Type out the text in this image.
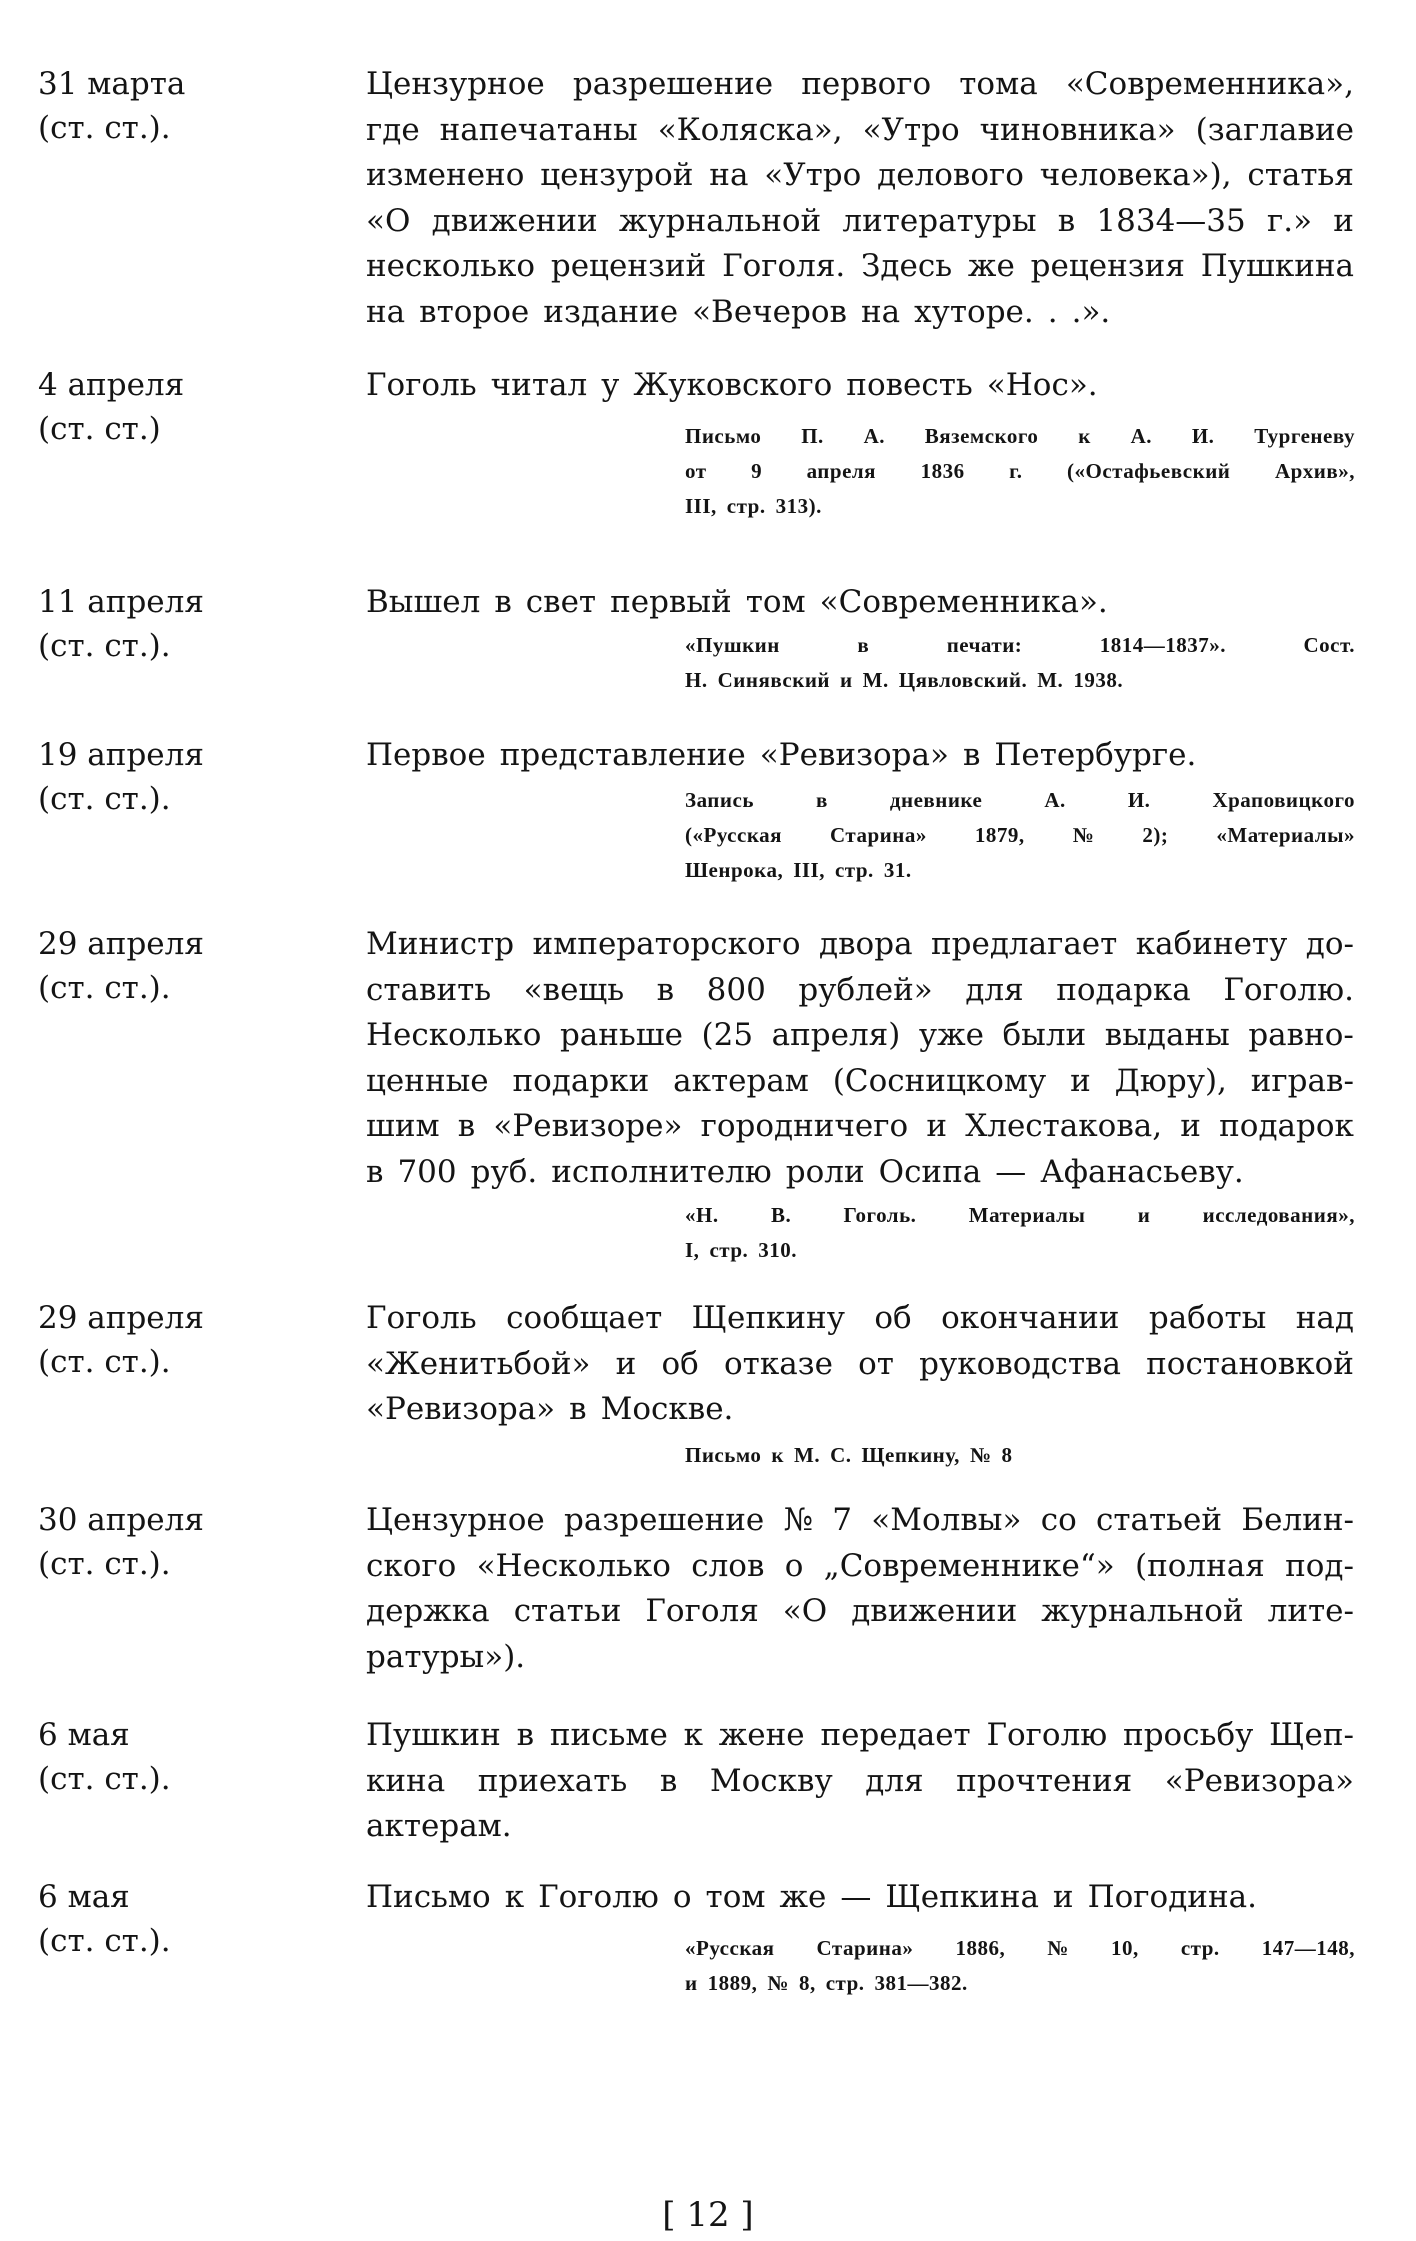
31 марта
(ст. ст.).
Цензурное разрешение первого тома «Современника»,
где напечатаны «Коляска», «Утро чиновника» (заглавие
изменено цензурой на «Утро делового человека»), статья
«О движении журнальной литературы в 1834—35 г.» и
несколько рецензий Гоголя. Здесь же рецензия Пушкина
на второе издание «Вечеров на хуторе. . .».
4 апреля
(ст. ст.)
Гоголь читал у Жуковского повесть «Нос».
Письмо П. А. Вяземского к А. И. Тургеневу
от 9 апреля 1836 г. («Остафьевский Архив»,
III, стр. 313).
11 апреля
(ст. ст.).
Вышел в свет первый том «Современника».
«Пушкин	в	печати:	1814—1837».	Сост.
Н. Синявский и М. Цявловский. М. 1938.
19 апреля
(ст. ст.).
Первое представление «Ревизора» в Петербурге.
Запись	в	дневнике	А.	И.	Храповицкого
(«Русская Старина» 1879, № 2); «Материалы»
Шенрока, III, стр. 31.
29 апреля
(ст. ст.).
Министр императорского двора предлагает кабинету до-
ставить «вещь в 800 рублей» для подарка Гоголю.
Несколько раньше (25 апреля) уже были выданы равно-
ценные подарки актерам (Сосницкому и Дюру), играв-
шим в «Ревизоре» городничего и Хлестакова, и подарок
в 700 руб. исполнителю роли Осипа — Афанасьеву.
«Н. В. Гоголь. Материалы и исследования»,
I, стр. 310.
29 апреля
(ст. ст.).
Гоголь сообщает Щепкину об окончании работы над
«Женитьбой» и об отказе от руководства постановкой
«Ревизора» в Москве.
Письмо к М. С. Щепкину, № 8
30 апреля
(ст. ст.).
Цензурное разрешение № 7 «Молвы» со статьей Белин-
ского «Несколько слов о „Современнике“» (полная под-
держка статьи Гоголя «О движении журнальной лите-
ратуры»).
6 мая
(ст. ст.).
Пушкин в письме к жене передает Гоголю просьбу Щеп-
кина приехать в Москву для прочтения «Ревизора»
актерам.
6 мая
(ст. ст.).
Письмо к Гоголю о том же — Щепкина и Погодина.
«Русская Старина» 1886, № 10, стр. 147—148,
и 1889, № 8, стр. 381—382.
[ 12 ]
